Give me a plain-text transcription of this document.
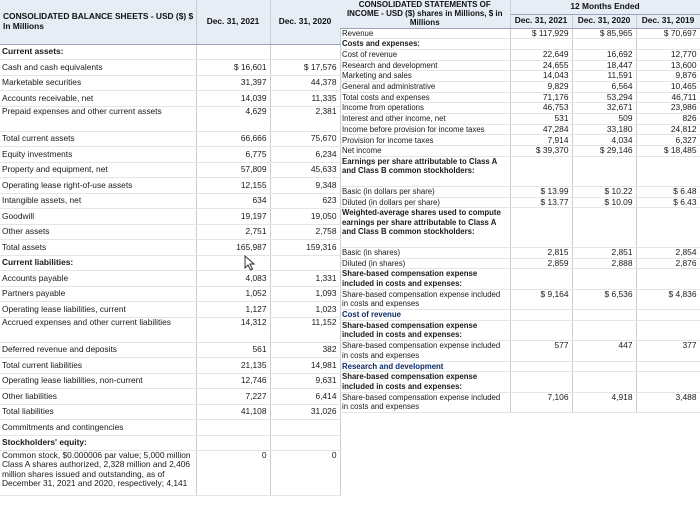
CONSOLIDATED BALANCE SHEETS - USD ($) $ In Millions	Dec. 31, 2021	Dec. 31, 2020
Current assets:		
Cash and cash equivalents	$ 16,601	$ 17,576
Marketable securities	31,397	44,378
Accounts receivable, net	14,039	11,335
Prepaid expenses and other current assets	4,629	2,381
Total current assets	66,666	75,670
Equity investments	6,775	6,234
Property and equipment, net	57,809	45,633
Operating lease right-of-use assets	12,155	9,348
Intangible assets, net	634	623
Goodwill	19,197	19,050
Other assets	2,751	2,758
Total assets	165,987	159,316
Current liabilities:		
Accounts payable	4,083	1,331
Partners payable	1,052	1,093
Operating lease liabilities, current	1,127	1,023
Accrued expenses and other current liabilities	14,312	11,152
Deferred revenue and deposits	561	382
Total current liabilities	21,135	14,981
Operating lease liabilities, non-current	12,746	9,631
Other liabilities	7,227	6,414
Total liabilities	41,108	31,026
Commitments and contingencies		
Stockholders' equity:		
Common stock, $0.000006 par value; 5,000 million Class A shares authorized, 2,328 million and 2,406 million shares issued and outstanding, as of December 31, 2021 and 2020, respectively; 4,141	0	0
CONSOLIDATED STATEMENTS OF INCOME - USD ($) shares in Millions, $ in Millions	12 Months Ended		
	Dec. 31, 2021	Dec. 31, 2020	Dec. 31, 2019
Revenue	$ 117,929	$ 85,965	$ 70,697
Costs and expenses:			
Cost of revenue	22,649	16,692	12,770
Research and development	24,655	18,447	13,600
Marketing and sales	14,043	11,591	9,876
General and administrative	9,829	6,564	10,465
Total costs and expenses	71,176	53,294	46,711
Income from operations	46,753	32,671	23,986
Interest and other income, net	531	509	826
Income before provision for income taxes	47,284	33,180	24,812
Provision for income taxes	7,914	4,034	6,327
Net income	$ 39,370	$ 29,146	$ 18,485
Earnings per share attributable to Class A and Class B common stockholders:			
Basic (in dollars per share)	$ 13.99	$ 10.22	$ 6.48
Diluted (in dollars per share)	$ 13.77	$ 10.09	$ 6.43
Weighted-average shares used to compute earnings per share attributable to Class A and Class B common stockholders:			
Basic (in shares)	2,815	2,851	2,854
Diluted (in shares)	2,859	2,888	2,876
Share-based compensation expense included in costs and expenses:			
Share-based compensation expense included in costs and expenses	$ 9,164	$ 6,536	$ 4,836
Cost of revenue			
Share-based compensation expense included in costs and expenses:			
Share-based compensation expense included in costs and expenses	577	447	377
Research and development			
Share-based compensation expense included in costs and expenses:			
Share-based compensation expense included in costs and expenses	7,106	4,918	3,488
